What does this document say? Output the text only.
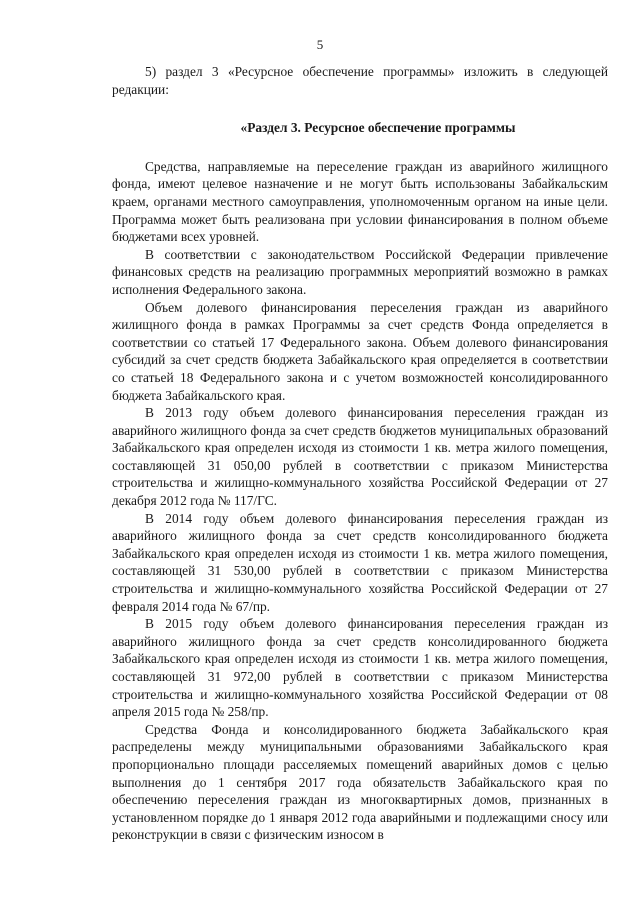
5

5) раздел 3 «Ресурсное обеспечение программы» изложить в следующей редакции:

«Раздел 3. Ресурсное обеспечение программы

Средства, направляемые на переселение граждан из аварийного жилищного фонда, имеют целевое назначение и не могут быть использованы Забайкальским краем, органами местного самоуправления, уполномоченным органом на иные цели. Программа может быть реализована при условии финансирования в полном объеме бюджетами всех уровней.

В соответствии с законодательством Российской Федерации привлечение финансовых средств на реализацию программных мероприятий возможно в рамках исполнения Федерального закона.

Объем долевого финансирования переселения граждан из аварийного жилищного фонда в рамках Программы за счет средств Фонда определяется в соответствии со статьей 17 Федерального закона. Объем долевого финансирования субсидий за счет средств бюджета Забайкальского края определяется в соответствии со статьей 18 Федерального закона и с учетом возможностей консолидированного бюджета Забайкальского края.

В 2013 году объем долевого финансирования переселения граждан из аварийного жилищного фонда за счет средств бюджетов муниципальных образований Забайкальского края определен исходя из стоимости 1 кв. метра жилого помещения, составляющей 31 050,00 рублей в соответствии с приказом Министерства строительства и жилищно-коммунального хозяйства Российской Федерации от 27 декабря 2012 года № 117/ГС.

В 2014 году объем долевого финансирования переселения граждан из аварийного жилищного фонда за счет средств консолидированного бюджета Забайкальского края определен исходя из стоимости 1 кв. метра жилого помещения, составляющей 31 530,00 рублей в соответствии с приказом Министерства строительства и жилищно-коммунального хозяйства Российской Федерации от 27 февраля 2014 года № 67/пр.

В 2015 году объем долевого финансирования переселения граждан из аварийного жилищного фонда за счет средств консолидированного бюджета Забайкальского края определен исходя из стоимости 1 кв. метра жилого помещения, составляющей 31 972,00 рублей в соответствии с приказом Министерства строительства и жилищно-коммунального хозяйства Российской Федерации от 08 апреля 2015 года № 258/пр.

Средства Фонда и консолидированного бюджета Забайкальского края распределены между муниципальными образованиями Забайкальского края пропорционально площади расселяемых помещений аварийных домов с целью выполнения до 1 сентября 2017 года обязательств Забайкальского края по обеспечению переселения граждан из многоквартирных домов, признанных в установленном порядке до 1 января 2012 года аварийными и подлежащими сносу или реконструкции в связи с физическим износом в
